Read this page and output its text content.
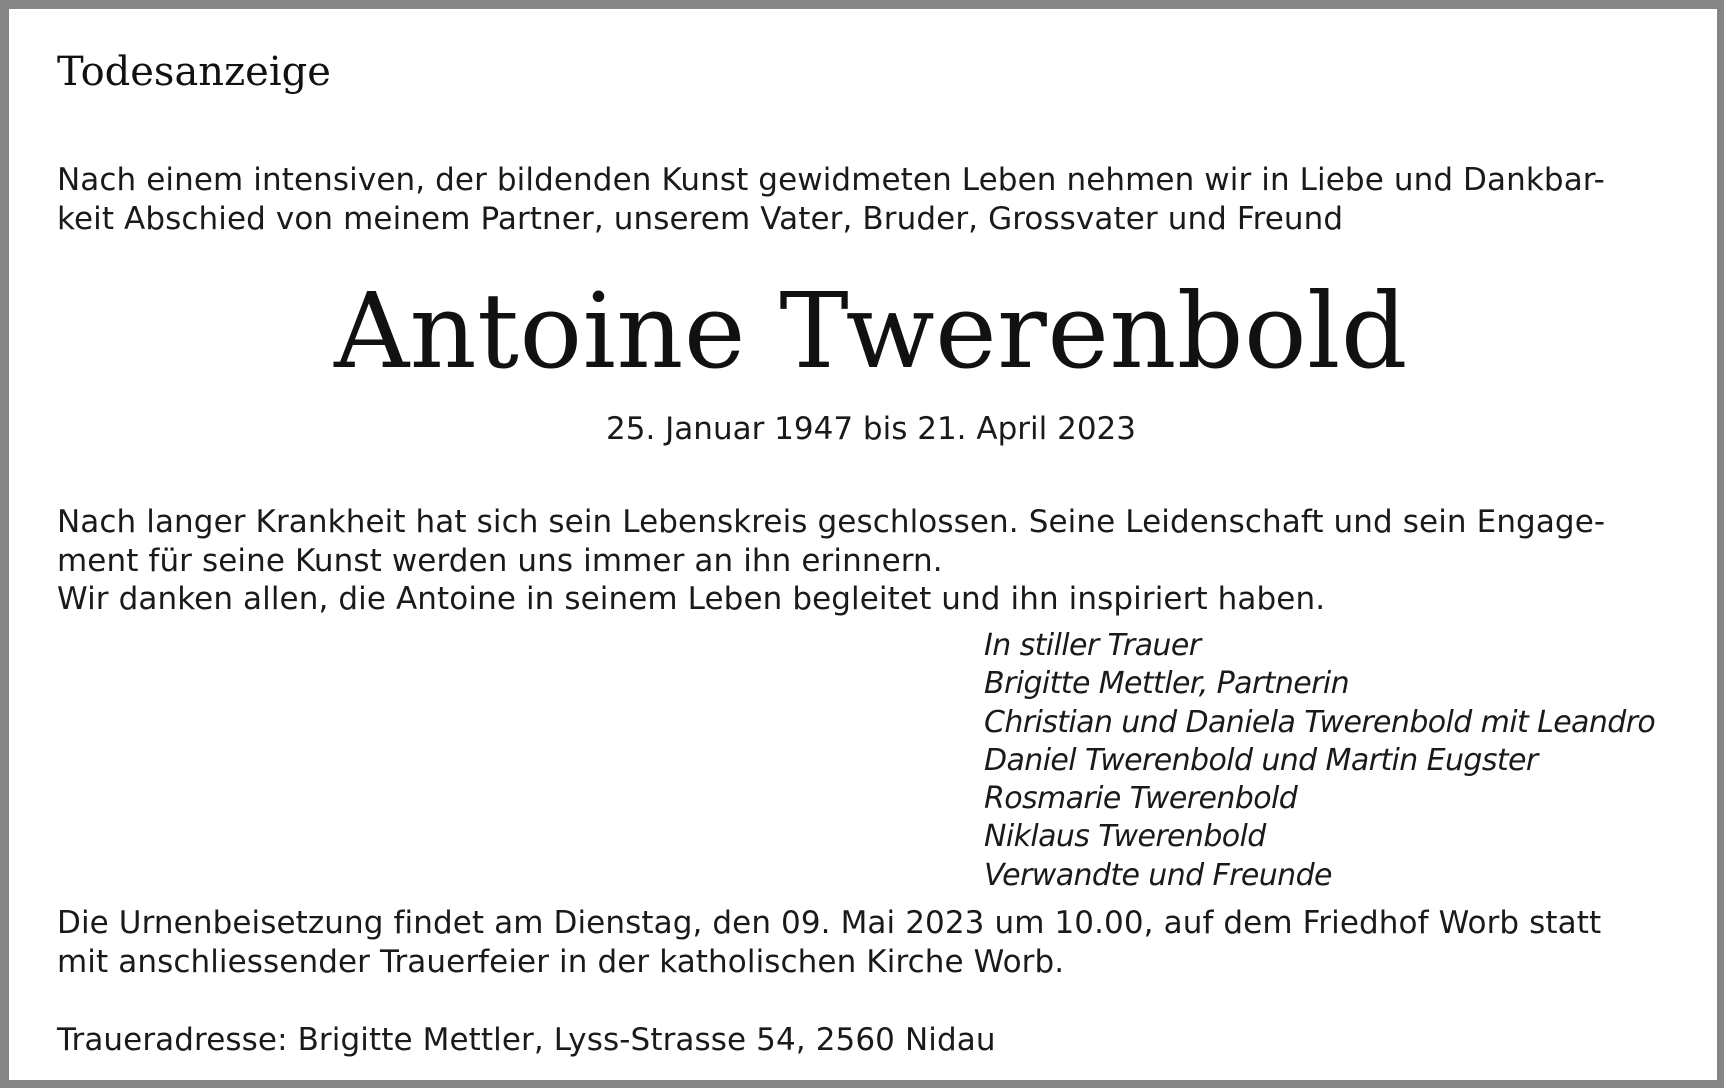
Todesanzeige
Nach einem intensiven, der bildenden Kunst gewidmeten Leben nehmen wir in Liebe und Dankbar-
keit Abschied von meinem Partner, unserem Vater, Bruder, Grossvater und Freund
Antoine Twerenbold
25. Januar 1947 bis 21. April 2023
Nach langer Krankheit hat sich sein Lebenskreis geschlossen. Seine Leidenschaft und sein Engage-
ment für seine Kunst werden uns immer an ihn erinnern.
Wir danken allen, die Antoine in seinem Leben begleitet und ihn inspiriert haben.
In stiller Trauer
Brigitte Mettler, Partnerin
Christian und Daniela Twerenbold mit Leandro
Daniel Twerenbold und Martin Eugster
Rosmarie Twerenbold
Niklaus Twerenbold
Verwandte und Freunde
Die Urnenbeisetzung findet am Dienstag, den 09. Mai 2023 um 10.00, auf dem Friedhof Worb statt
mit anschliessender Trauerfeier in der katholischen Kirche Worb.
Traueradresse: Brigitte Mettler, Lyss-Strasse 54, 2560 Nidau
